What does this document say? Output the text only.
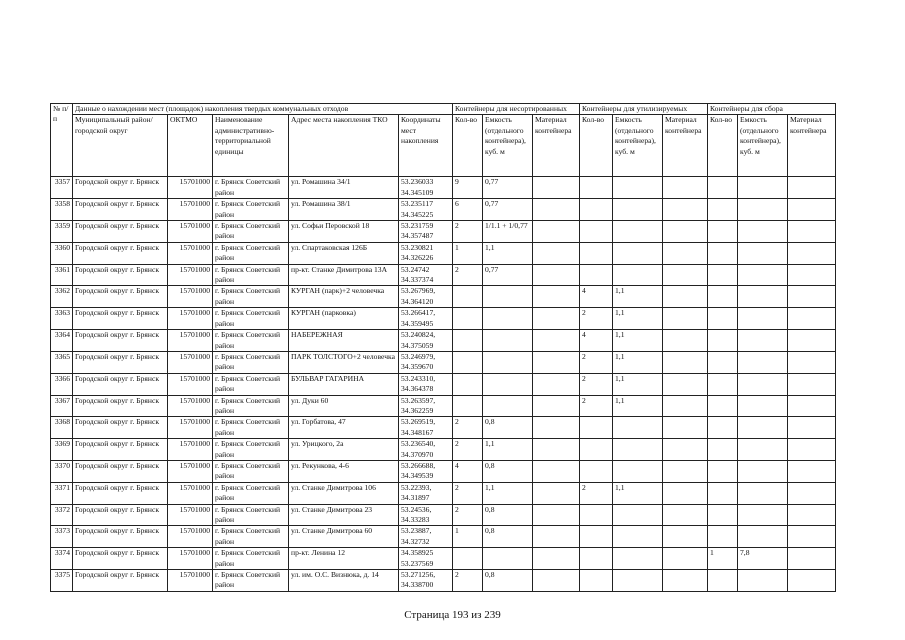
№ п/п	Данные о нахождении мест (площадок) накопления твердых коммунальных отходов					Контейнеры для несортированных			Контейнеры для утилизируемых			Контейнеры для сбора		
	Муниципальный район/городской округ	ОКТМО	Наименование административно-территориальной единицы	Адрес места накопления ТКО	Координаты мест накопления	Кол-во	Емкость (отдельного контейнера), куб. м	Материал контейнера	Кол-во	Емкость (отдельного контейнера), куб. м	Материал контейнера	Кол-во	Емкость (отдельного контейнера), куб. м	Материал контейнера
3357	Городской округ г. Брянск	15701000	г. Брянск Советский район	ул. Ромашина 34/1	53.236033 34.345109	9	0,77							
3358	Городской округ г. Брянск	15701000	г. Брянск Советский район	ул. Ромашина 38/1	53.235117 34.345225	6	0,77							
3359	Городской округ г. Брянск	15701000	г. Брянск Советский район	ул. Софьи Перовской 18	53.231759 34.357487	2	1/1.1 + 1/0,77							
3360	Городской округ г. Брянск	15701000	г. Брянск Советский район	ул. Спартаковская 126Б	53.230821 34.326226	1	1,1							
3361	Городской округ г. Брянск	15701000	г. Брянск Советский район	пр-кт. Станке Димитрова 13А	53.24742 34.337374	2	0,77							
3362	Городской округ г. Брянск	15701000	г. Брянск Советский район	КУРГАН (парк)+2 человечка	53.267969, 34.364120				4	1,1				
3363	Городской округ г. Брянск	15701000	г. Брянск Советский район	КУРГАН (парковка)	53.266417, 34.359495				2	1,1				
3364	Городской округ г. Брянск	15701000	г. Брянск Советский район	НАБЕРЕЖНАЯ	53.240824, 34.375059				4	1,1				
3365	Городской округ г. Брянск	15701000	г. Брянск Советский район	ПАРК ТОЛСТОГО+2 человечка	53.246979, 34.359670				2	1,1				
3366	Городской округ г. Брянск	15701000	г. Брянск Советский район	БУЛЬВАР ГАГАРИНА	53.243310, 34.364378				2	1,1				
3367	Городской округ г. Брянск	15701000	г. Брянск Советский район	ул. Дуки 60	53.263597, 34.362259				2	1,1				
3368	Городской округ г. Брянск	15701000	г. Брянск Советский район	ул. Горбатова, 47	53.269519, 34.348167	2	0,8							
3369	Городской округ г. Брянск	15701000	г. Брянск Советский район	ул. Урицкого, 2а	53.236540, 34.370970	2	1,1							
3370	Городской округ г. Брянск	15701000	г. Брянск Советский район	ул. Рекункова, 4-6	53.266688, 34.349539	4	0,8							
3371	Городской округ г. Брянск	15701000	г. Брянск Советский район	ул. Станке Димитрова 106	53.22393, 34.31897	2	1,1		2	1,1				
3372	Городской округ г. Брянск	15701000	г. Брянск Советский район	ул. Станке Димитрова 23	53.24536, 34.33283	2	0,8							
3373	Городской округ г. Брянск	15701000	г. Брянск Советский район	ул. Станке Димитрова 60	53.23887, 34.32732	1	0,8							
3374	Городской округ г. Брянск	15701000	г. Брянск Советский район	пр-кт. Ленина 12	34.358925 53.237569							1	7,8	
3375	Городской округ г. Брянск	15701000	г. Брянск Советский район	ул. им. О.С. Визнюка, д. 14	53.271256, 34.338700	2	0,8							
Страница 193 из 239
